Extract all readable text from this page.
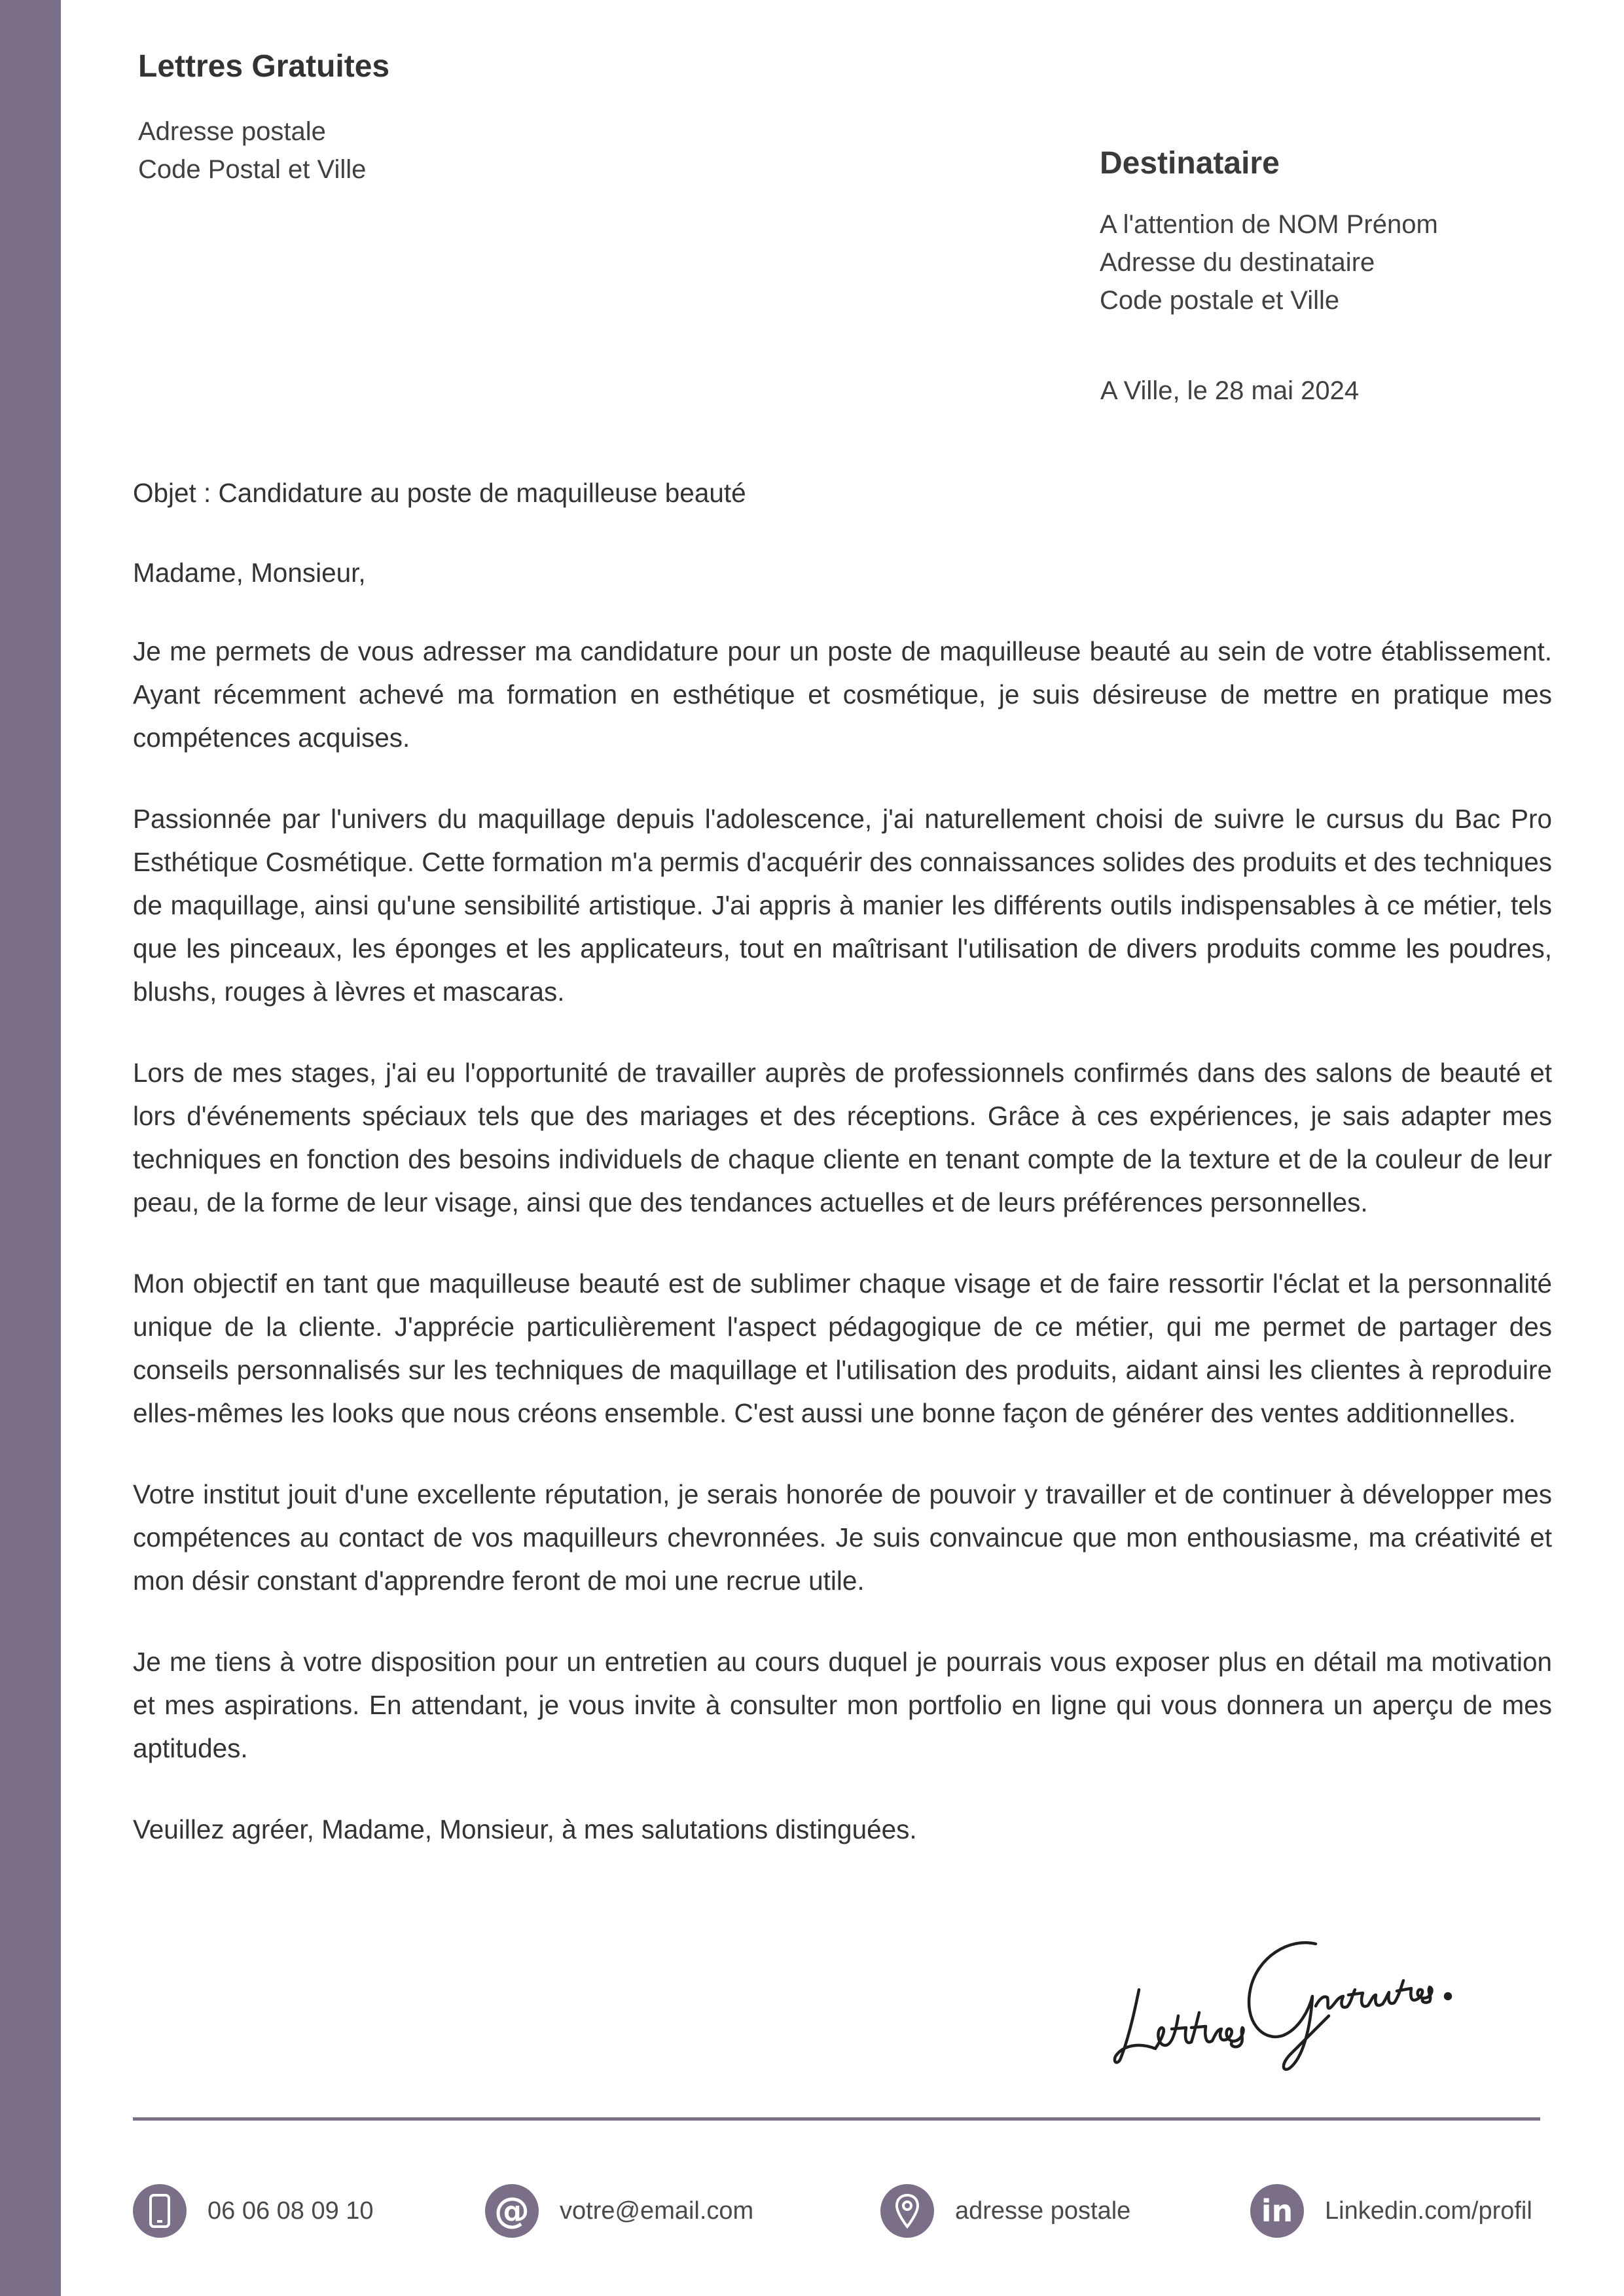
Lettres Gratuites
Adresse postale
Code Postal et Ville	Destinataire
A l'attention de NOM Prénom
Adresse du destinataire
Code postale et Ville
A Ville, le 28 mai 2024

Objet : Candidature au poste de maquilleuse beauté

Madame, Monsieur,

Je me permets de vous adresser ma candidature pour un poste de maquilleuse beauté au sein de votre établissement. Ayant récemment achevé ma formation en esthétique et cosmétique, je suis désireuse de mettre en pratique mes compétences acquises.

Passionnée par l'univers du maquillage depuis l'adolescence, j'ai naturellement choisi de suivre le cursus du Bac Pro Esthétique Cosmétique. Cette formation m'a permis d'acquérir des connaissances solides des produits et des techniques de maquillage, ainsi qu'une sensibilité artistique. J'ai appris à manier les différents outils indispensables à ce métier, tels que les pinceaux, les éponges et les applicateurs, tout en maîtrisant l'utilisation de divers produits comme les poudres, blushs, rouges à lèvres et mascaras.

Lors de mes stages, j'ai eu l'opportunité de travailler auprès de professionnels confirmés dans des salons de beauté et lors d'événements spéciaux tels que des mariages et des réceptions. Grâce à ces expériences, je sais adapter mes techniques en fonction des besoins individuels de chaque cliente en tenant compte de la texture et de la couleur de leur peau, de la forme de leur visage, ainsi que des tendances actuelles et de leurs préférences personnelles.

Mon objectif en tant que maquilleuse beauté est de sublimer chaque visage et de faire ressortir l'éclat et la personnalité unique de la cliente. J'apprécie particulièrement l'aspect pédagogique de ce métier, qui me permet de partager des conseils personnalisés sur les techniques de maquillage et l'utilisation des produits, aidant ainsi les clientes à reproduire elles-mêmes les looks que nous créons ensemble. C'est aussi une bonne façon de générer des ventes additionnelles.

Votre institut jouit d'une excellente réputation, je serais honorée de pouvoir y travailler et de continuer à développer mes compétences au contact de vos maquilleurs chevronnées. Je suis convaincue que mon enthousiasme, ma créativité et mon désir constant d'apprendre feront de moi une recrue utile.

Je me tiens à votre disposition pour un entretien au cours duquel je pourrais vous exposer plus en détail ma motivation et mes aspirations. En attendant, je vous invite à consulter mon portfolio en ligne qui vous donnera un aperçu de mes aptitudes.

Veuillez agréer, Madame, Monsieur, à mes salutations distinguées.

06 06 08 09 10	@ votre@email.com	adresse postale	in Linkedin.com/profil
